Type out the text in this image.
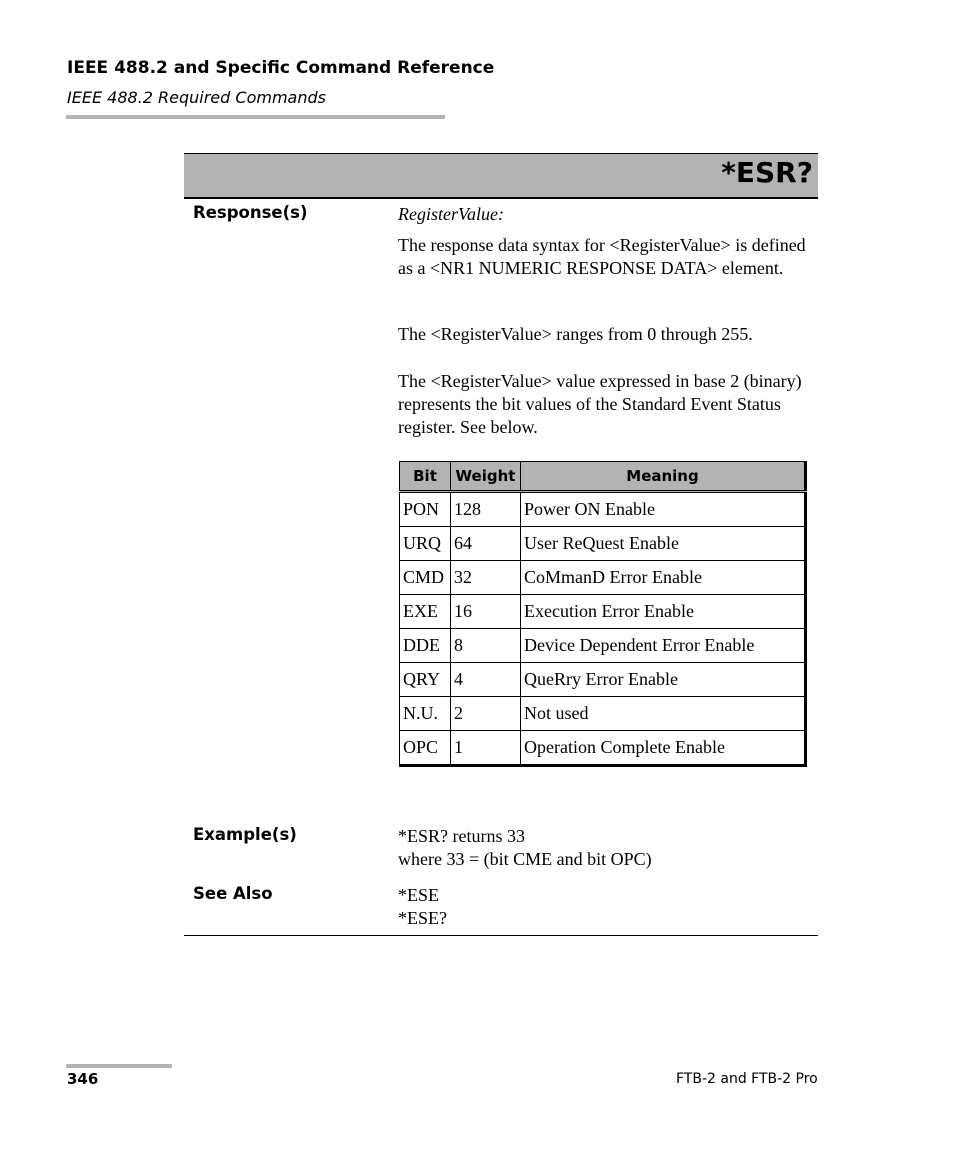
IEEE 488.2 and Specific Command Reference
IEEE 488.2 Required Commands
*ESR?
Response(s)	RegisterValue:
The response data syntax for <RegisterValue> is defined as a <NR1 NUMERIC RESPONSE DATA> element.
The <RegisterValue> ranges from 0 through 255.
The <RegisterValue> value expressed in base 2 (binary) represents the bit values of the Standard Event Status register. See below.
Bit	Weight	Meaning
PON	128	Power ON Enable
URQ	64	User ReQuest Enable
CMD	32	CoMmanD Error Enable
EXE	16	Execution Error Enable
DDE	8	Device Dependent Error Enable
QRY	4	QueRry Error Enable
N.U.	2	Not used
OPC	1	Operation Complete Enable
Example(s)	*ESR? returns 33
where 33 = (bit CME and bit OPC)
See Also	*ESE
*ESE?
346	FTB-2 and FTB-2 Pro
